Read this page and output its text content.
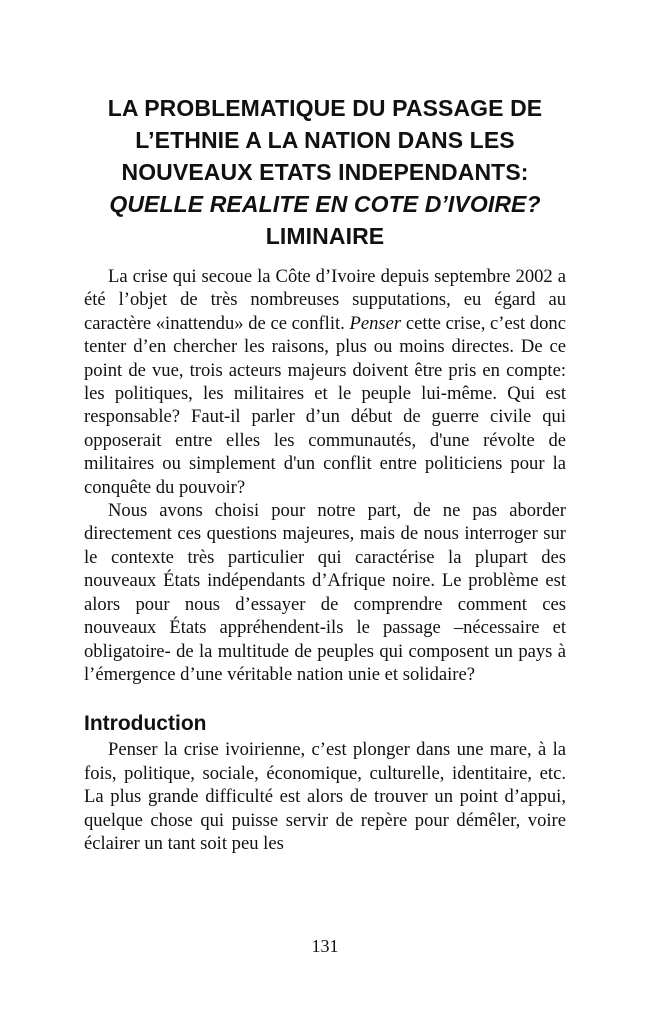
LA PROBLEMATIQUE DU PASSAGE DE
L’ETHNIE A LA NATION DANS LES
NOUVEAUX ETATS INDEPENDANTS:
QUELLE REALITE EN COTE D’IVOIRE?
LIMINAIRE

La crise qui secoue la Côte d’Ivoire depuis septembre 2002 a été l’objet de très nombreuses supputations, eu égard au caractère «inattendu» de ce conflit. Penser cette crise, c’est donc tenter d’en chercher les raisons, plus ou moins directes. De ce point de vue, trois acteurs majeurs doivent être pris en compte: les politiques, les militaires et le peuple lui-même. Qui est responsable? Faut-il parler d’un début de guerre civile qui opposerait entre elles les communautés, d'une révolte de militaires ou simplement d'un conflit entre politiciens pour la conquête du pouvoir?

Nous avons choisi pour notre part, de ne pas aborder directement ces questions majeures, mais de nous interroger sur le contexte très particulier qui caractérise la plupart des nouveaux États indépendants d’Afrique noire. Le problème est alors pour nous d’essayer de comprendre comment ces nouveaux États appréhendent-ils le passage –nécessaire et obligatoire- de la multitude de peuples qui composent un pays à l’émergence d’une véritable nation unie et solidaire?

Introduction

Penser la crise ivoirienne, c’est plonger dans une mare, à la fois, politique, sociale, économique, culturelle, identitaire, etc. La plus grande difficulté est alors de trouver un point d’appui, quelque chose qui puisse servir de repère pour démêler, voire éclairer un tant soit peu les

131
